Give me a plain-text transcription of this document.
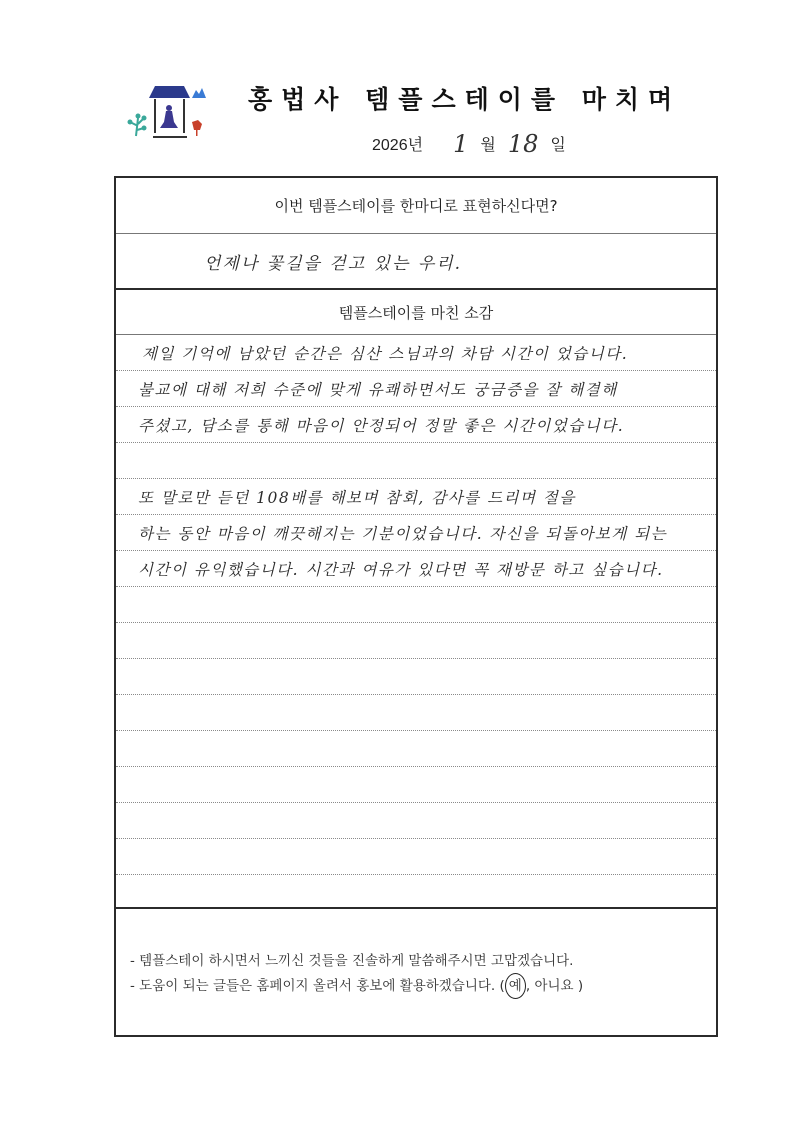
홍법사 템플스테이를 마치며
2026년 1 월 18 일
이번 템플스테이를 한마디로 표현하신다면?
언제나 꽃길을 걷고 있는 우리.
템플스테이를 마친 소감
제일 기억에 남았던 순간은 심산 스님과의 차담 시간이 었습니다.
불교에 대해 저희 수준에 맞게 유쾌하면서도 궁금증을 잘 해결해
주셨고, 담소를 통해 마음이 안정되어 정말 좋은 시간이었습니다.
또 말로만 듣던 108배를 해보며 참회, 감사를 드리며 절을
하는 동안 마음이 깨끗해지는 기분이었습니다. 자신을 되돌아보게 되는
시간이 유익했습니다. 시간과 여유가 있다면 꼭 재방문 하고 싶습니다.
- 템플스테이 하시면서 느끼신 것들을 진솔하게 말씀해주시면 고맙겠습니다.
- 도움이 되는 글들은 홈페이지 올려서 홍보에 활용하겠습니다. ( 예 , 아니요 )
